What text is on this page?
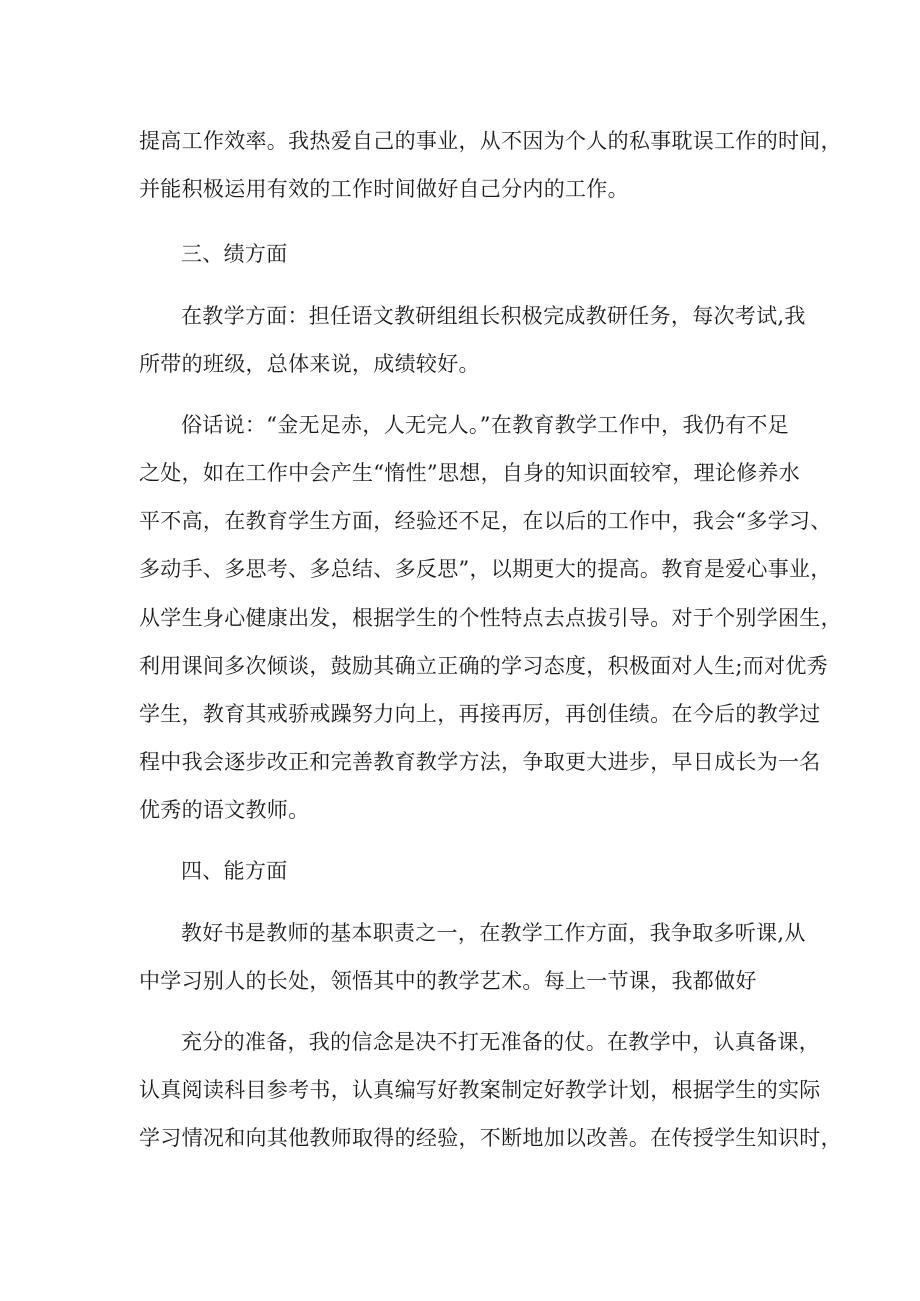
提高工作效率。我热爱自己的事业，从不因为个人的私事耽误工作的时间，
并能积极运用有效的工作时间做好自己分内的工作。
三、绩方面
在教学方面：担任语文教研组组长积极完成教研任务，每次考试,我
所带的班级，总体来说，成绩较好。
俗话说：“金无足赤，人无完人。”在教育教学工作中，我仍有不足
之处，如在工作中会产生“惰性”思想，自身的知识面较窄，理论修养水
平不高，在教育学生方面，经验还不足，在以后的工作中，我会“多学习、
多动手、多思考、多总结、多反思”，以期更大的提高。教育是爱心事业，
从学生身心健康出发，根据学生的个性特点去点拔引导。对于个别学困生，
利用课间多次倾谈，鼓励其确立正确的学习态度，积极面对人生;而对优秀
学生，教育其戒骄戒躁努力向上，再接再厉，再创佳绩。在今后的教学过
程中我会逐步改正和完善教育教学方法，争取更大进步，早日成长为一名
优秀的语文教师。
四、能方面
教好书是教师的基本职责之一，在教学工作方面，我争取多听课,从
中学习别人的长处，领悟其中的教学艺术。每上一节课，我都做好
充分的准备，我的信念是决不打无准备的仗。在教学中，认真备课，
认真阅读科目参考书，认真编写好教案制定好教学计划，根据学生的实际
学习情况和向其他教师取得的经验，不断地加以改善。在传授学生知识时，
